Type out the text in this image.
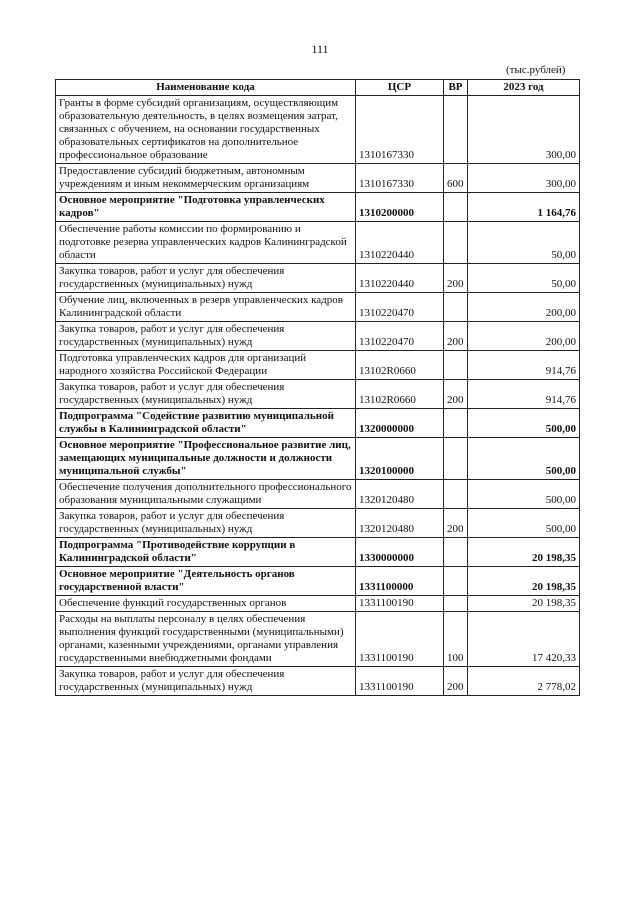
111
(тыс.рублей)
Наименование кода	ЦСР	ВР	2023 год
Гранты в форме субсидий организациям, осуществляющим образовательную деятельность, в целях возмещения затрат, связанных с обучением, на основании государственных образовательных сертификатов на дополнительное профессиональное образование	1310167330		300,00
Предоставление субсидий бюджетным, автономным учреждениям и иным некоммерческим организациям	1310167330	600	300,00
Основное мероприятие "Подготовка управленческих кадров"	1310200000		1 164,76
Обеспечение работы комиссии по формированию и подготовке резерва управленческих кадров Калининградской области	1310220440		50,00
Закупка товаров, работ и услуг для обеспечения государственных (муниципальных) нужд	1310220440	200	50,00
Обучение лиц, включенных в резерв управленческих кадров Калининградской области	1310220470		200,00
Закупка товаров, работ и услуг для обеспечения государственных (муниципальных) нужд	1310220470	200	200,00
Подготовка управленческих кадров для организаций народного хозяйства Российской Федерации	13102R0660		914,76
Закупка товаров, работ и услуг для обеспечения государственных (муниципальных) нужд	13102R0660	200	914,76
Подпрограмма "Содействие развитию муниципальной службы в Калининградской области"	1320000000		500,00
Основное мероприятие "Профессиональное развитие лиц, замещающих муниципальные должности и должности муниципальной службы"	1320100000		500,00
Обеспечение получения дополнительного профессионального образования муниципальными служащими	1320120480		500,00
Закупка товаров, работ и услуг для обеспечения государственных (муниципальных) нужд	1320120480	200	500,00
Подпрограмма "Противодействие коррупции в Калининградской области"	1330000000		20 198,35
Основное мероприятие "Деятельность органов государственной власти"	1331100000		20 198,35
Обеспечение функций государственных органов	1331100190		20 198,35
Расходы на выплаты персоналу в целях обеспечения выполнения функций государственными (муниципальными) органами, казенными учреждениями, органами управления государственными внебюджетными фондами	1331100190	100	17 420,33
Закупка товаров, работ и услуг для обеспечения государственных (муниципальных) нужд	1331100190	200	2 778,02
